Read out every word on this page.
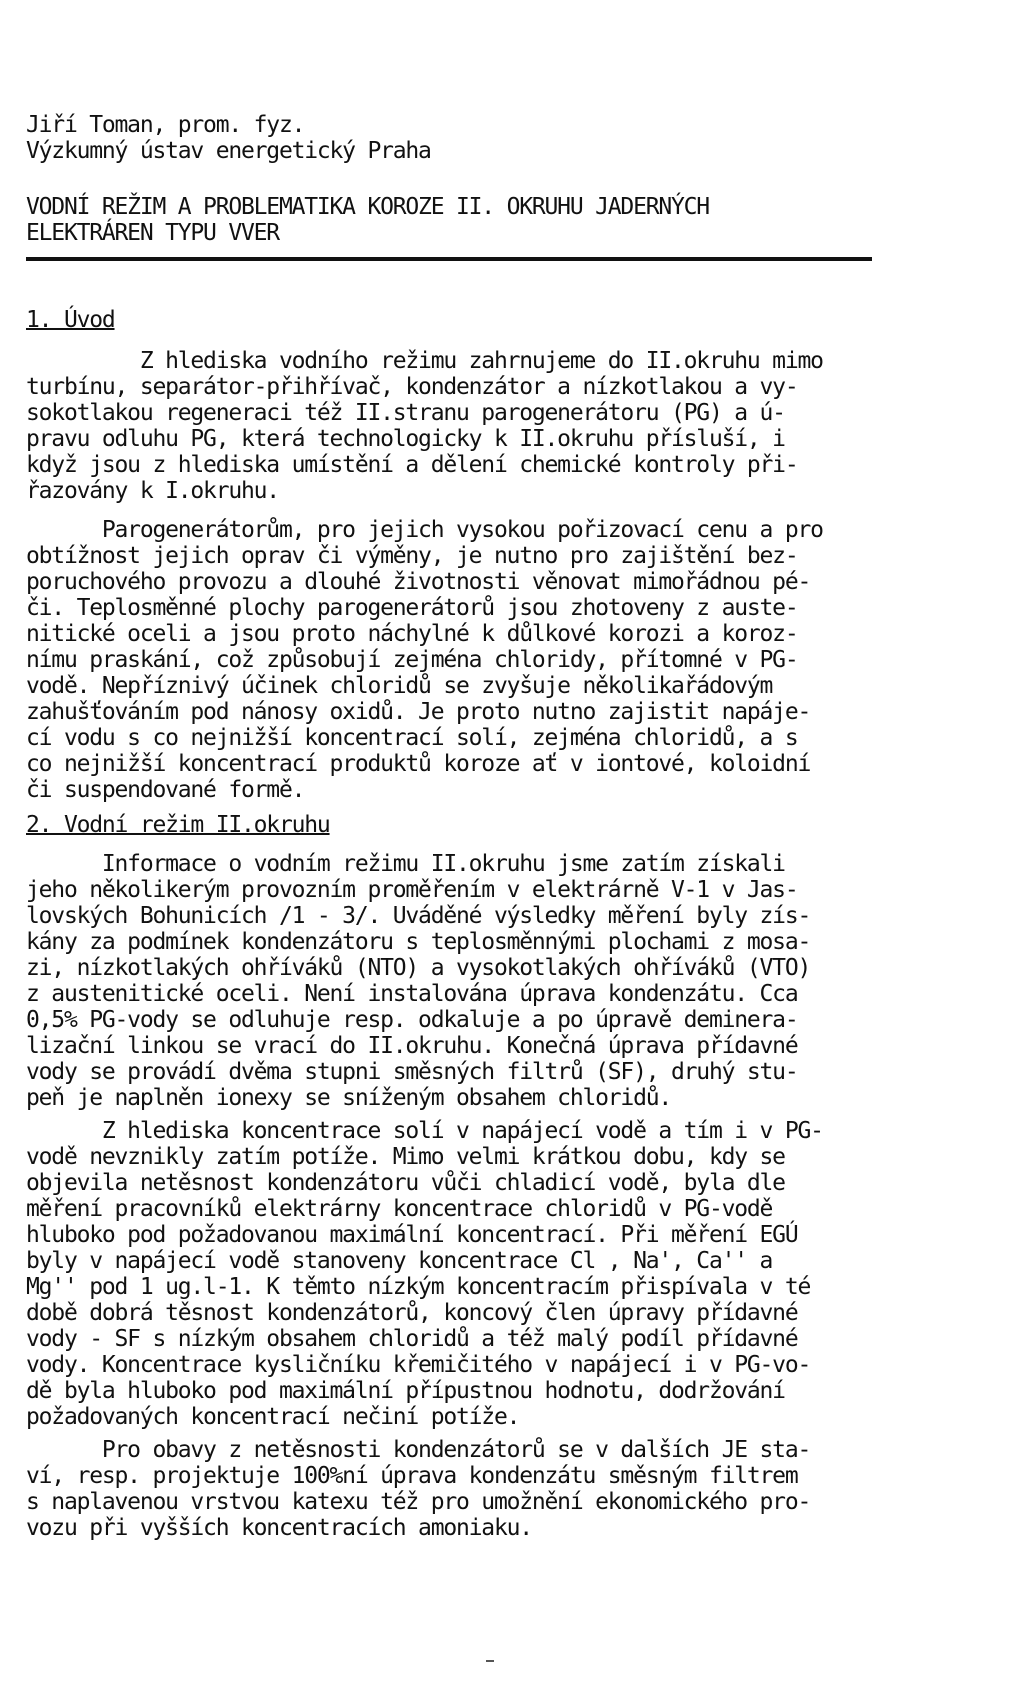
Jiří Toman, prom. fyz.
Výzkumný ústav energetický Praha
VODNÍ REŽIM A PROBLEMATIKA KOROZE II. OKRUHU JADERNÝCH
ELEKTRÁREN TYPU VVER
1. Úvod
Z hlediska vodního režimu zahrnujeme do II.okruhu mimo
turbínu, separátor-přihřívač, kondenzátor a nízkotlakou a vy-
sokotlakou regeneraci též II.stranu parogenerátoru (PG) a ú-
pravu odluhu PG, která technologicky k II.okruhu přísluší, i
když jsou z hlediska umístění a dělení chemické kontroly při-
řazovány k I.okruhu.
Parogenerátorům, pro jejich vysokou pořizovací cenu a pro
obtížnost jejich oprav či výměny, je nutno pro zajištění bez-
poruchového provozu a dlouhé životnosti věnovat mimořádnou pé-
či. Teplosměnné plochy parogenerátorů jsou zhotoveny z auste-
nitické oceli a jsou proto náchylné k důlkové korozi a koroz-
nímu praskání, což způsobují zejména chloridy, přítomné v PG-
vodě. Nepříznivý účinek chloridů se zvyšuje několikařádovým
zahušťováním pod nánosy oxidů. Je proto nutno zajistit napáje-
cí vodu s co nejnižší koncentrací solí, zejména chloridů, a s
co nejnižší koncentrací produktů koroze ať v iontové, koloidní
či suspendované formě.
2. Vodní režim II.okruhu
Informace o vodním režimu II.okruhu jsme zatím získali
jeho několikerým provozním proměřením v elektrárně V-1 v Jas-
lovských Bohunicích /1 - 3/. Uváděné výsledky měření byly zís-
kány za podmínek kondenzátoru s teplosměnnými plochami z mosa-
zi, nízkotlakých ohříváků (NTO) a vysokotlakých ohříváků (VTO)
z austenitické oceli. Není instalována úprava kondenzátu. Cca
0,5% PG-vody se odluhuje resp. odkaluje a po úpravě deminera-
lizační linkou se vrací do II.okruhu. Konečná úprava přídavné
vody se provádí dvěma stupni směsných filtrů (SF), druhý stu-
peň je naplněn ionexy se sníženým obsahem chloridů.
Z hlediska koncentrace solí v napájecí vodě a tím i v PG-
vodě nevznikly zatím potíže. Mimo velmi krátkou dobu, kdy se
objevila netěsnost kondenzátoru vůči chladicí vodě, byla dle
měření pracovníků elektrárny koncentrace chloridů v PG-vodě
hluboko pod požadovanou maximální koncentrací. Při měření EGÚ
byly v napájecí vodě stanoveny koncentrace Cl , Na', Ca'' a
Mg'' pod 1 ug.l-1. K těmto nízkým koncentracím přispívala v té
době dobrá těsnost kondenzátorů, koncový člen úpravy přídavné
vody - SF s nízkým obsahem chloridů a též malý podíl přídavné
vody. Koncentrace kysličníku křemičitého v napájecí i v PG-vo-
dě byla hluboko pod maximální přípustnou hodnotu, dodržování
požadovaných koncentrací nečiní potíže.
Pro obavy z netěsnosti kondenzátorů se v dalších JE sta-
ví, resp. projektuje 100%ní úprava kondenzátu směsným filtrem
s naplavenou vrstvou katexu též pro umožnění ekonomického pro-
vozu při vyšších koncentracích amoniaku.
